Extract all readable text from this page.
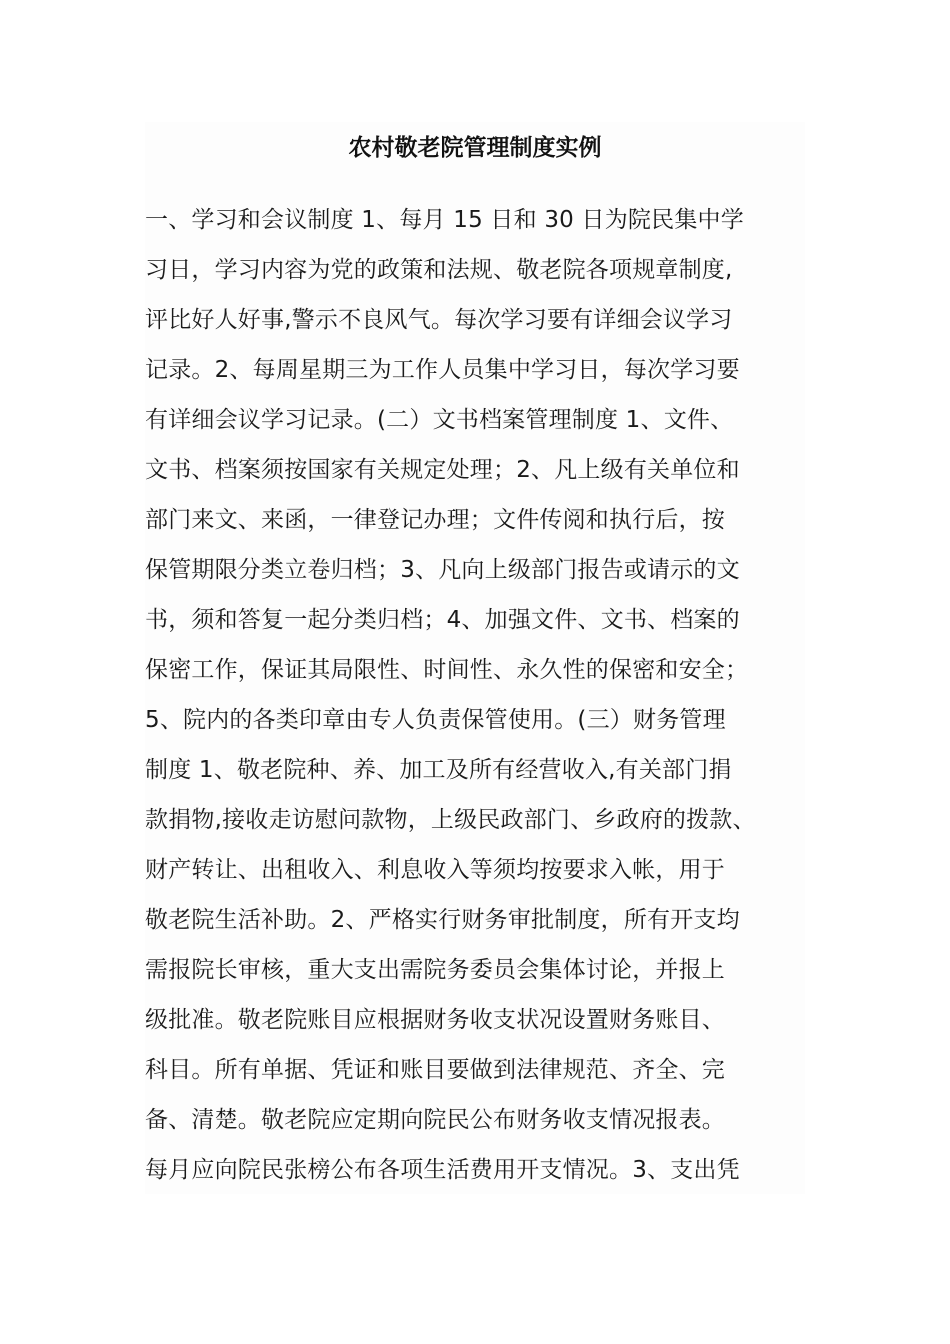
农村敬老院管理制度实例
一、学习和会议制度 1、每月 15 日和 30 日为院民集中学
习日，学习内容为党的政策和法规、敬老院各项规章制度,
评比好人好事,警示不良风气。每次学习要有详细会议学习
记录。2、每周星期三为工作人员集中学习日，每次学习要
有详细会议学习记录。(二）文书档案管理制度 1、文件、
文书、档案须按国家有关规定处理；2、凡上级有关单位和
部门来文、来函，一律登记办理；文件传阅和执行后，按
保管期限分类立卷归档；3、凡向上级部门报告或请示的文
书，须和答复一起分类归档；4、加强文件、文书、档案的
保密工作，保证其局限性、时间性、永久性的保密和安全；
5、院内的各类印章由专人负责保管使用。(三）财务管理
制度 1、敬老院种、养、加工及所有经营收入,有关部门捐
款捐物,接收走访慰问款物，上级民政部门、乡政府的拨款、
财产转让、出租收入、利息收入等须均按要求入帐，用于
敬老院生活补助。2、严格实行财务审批制度，所有开支均
需报院长审核，重大支出需院务委员会集体讨论，并报上
级批准。敬老院账目应根据财务收支状况设置财务账目、
科目。所有单据、凭证和账目要做到法律规范、齐全、完
备、清楚。敬老院应定期向院民公布财务收支情况报表。
每月应向院民张榜公布各项生活费用开支情况。3、支出凭
